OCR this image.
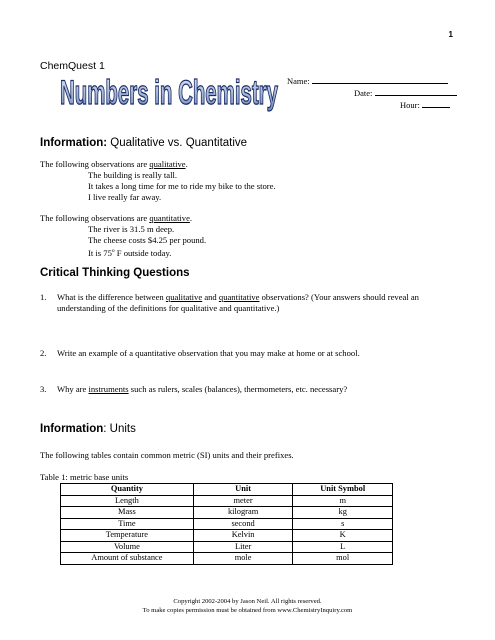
1
ChemQuest 1
Numbers in Chemistry Name:
Date:
Hour:
Information: Qualitative vs. Quantitative
The following observations are qualitative.
The building is really tall.
It takes a long time for me to ride my bike to the store.
I live really far away.
The following observations are quantitative.
The river is 31.5 m deep.
The cheese costs $4.25 per pound.
It is 75$^o$ F outside today.
Critical Thinking Questions
1. What is the difference between qualitative and quantitative observations? (Your answers should reveal an understanding of the definitions for qualitative and quantitative.)
2. Write an example of a quantitative observation that you may make at home or at school.
3. Why are instruments such as rulers, scales (balances), thermometers, etc. necessary?
Information: Units
The following tables contain common metric (SI) units and their prefixes.
Table 1: metric base units
Quantity	Unit	Unit Symbol
Length	meter	m
Mass	kilogram	kg
Time	second	s
Temperature	Kelvin	K
Volume	Liter	L
Amount of substance	mole	mol
Copyright 2002-2004 by Jason Neil. All rights reserved.
To make copies permission must be obtained from www.ChemistryInquiry.com
